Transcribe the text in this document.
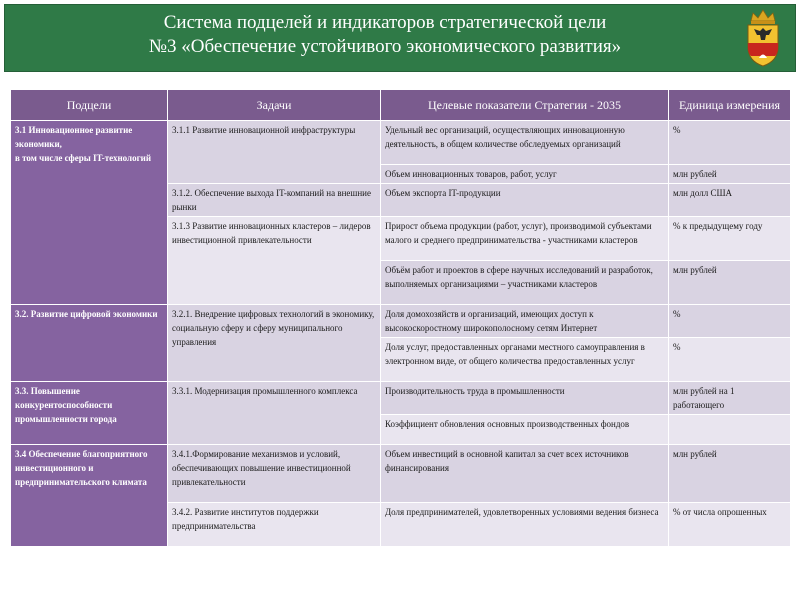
Система подцелей и индикаторов стратегической цели
№3 «Обеспечение устойчивого экономического развития»
Подцели	Задачи	Целевые показатели Стратегии - 2035	Единица измерения

3.1 Инновационное развитие экономики,
в том числе сферы IT-технологий	3.1.1 Развитие инновационной инфраструктуры	Удельный вес организаций, осуществляющих инновационную деятельность, в общем количестве обследуемых организаций	%
		Объем инновационных товаров, работ, услуг	млн рублей
	3.1.2. Обеспечение выхода IT-компаний на внешние рынки	Объем экспорта IT-продукции	млн долл США
	3.1.3 Развитие инновационных кластеров – лидеров инвестиционной привлекательности	Прирост объема продукции (работ, услуг), производимой субъектами малого и среднего предпринимательства - участниками кластеров	% к предыдущему году
		Объём работ и проектов в сфере научных исследований и разработок, выполняемых организациями – участниками кластеров	млн рублей

3.2. Развитие цифровой экономики	3.2.1. Внедрение цифровых технологий в экономику, социальную сферу и сферу муниципального управления	Доля домохозяйств и организаций, имеющих доступ к высокоскоростному широкополосному сетям Интернет	%
		Доля услуг, предоставленных органами местного самоуправления в электронном виде, от общего количества предоставленных услуг	%
3.3. Повышение конкурентоспособности промышленности города	3.3.1. Модернизация промышленного комплекса	Производительность труда в промышленности	млн рублей на 1 работающего
		Коэффициент обновления основных производственных фондов	
3.4 Обеспечение благоприятного инвестиционного и предпринимательского климата	3.4.1.Формирование механизмов и условий, обеспечивающих повышение инвестиционной привлекательности	Объем инвестиций в основной капитал за счет всех источников финансирования	млн рублей
	3.4.2. Развитие институтов поддержки предпринимательства	Доля предпринимателей, удовлетворенных условиями ведения бизнеса	% от числа опрошенных
